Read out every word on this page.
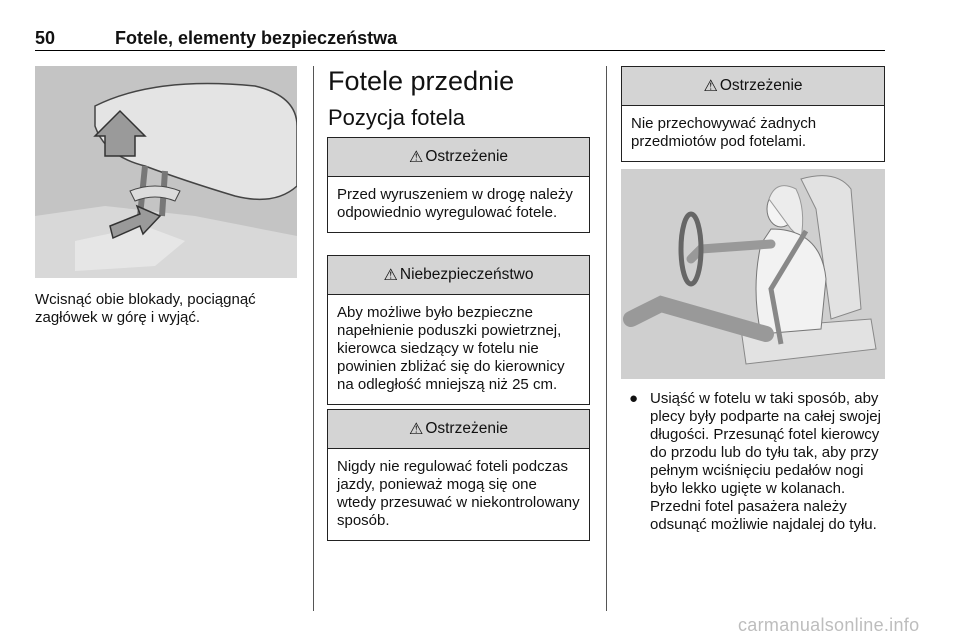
50	Fotele, elementy bezpieczeństwa
Wcisnąć obie blokady, pociągnąć zagłówek w górę i wyjąć.
Fotele przednie
Pozycja fotela
⚠ Ostrzeżenie
Przed wyruszeniem w drogę należy odpowiednio wyregulować fotele.
⚠ Niebezpieczeństwo
Aby możliwe było bezpieczne napełnienie poduszki powietrznej, kierowca siedzący w fotelu nie powinien zbliżać się do kierownicy na odległość mniejszą niż 25 cm.
⚠ Ostrzeżenie
Nigdy nie regulować foteli podczas jazdy, ponieważ mogą się one wtedy przesuwać w niekontrolowany sposób.
⚠ Ostrzeżenie
Nie przechowywać żadnych przedmiotów pod fotelami.
● Usiąść w fotelu w taki sposób, aby plecy były podparte na całej swojej długości. Przesunąć fotel kierowcy do przodu lub do tyłu tak, aby przy pełnym wciśnięciu pedałów nogi było lekko ugięte w kolanach. Przedni fotel pasażera należy odsunąć możliwie najdalej do tyłu.
carmanualsonline.info
